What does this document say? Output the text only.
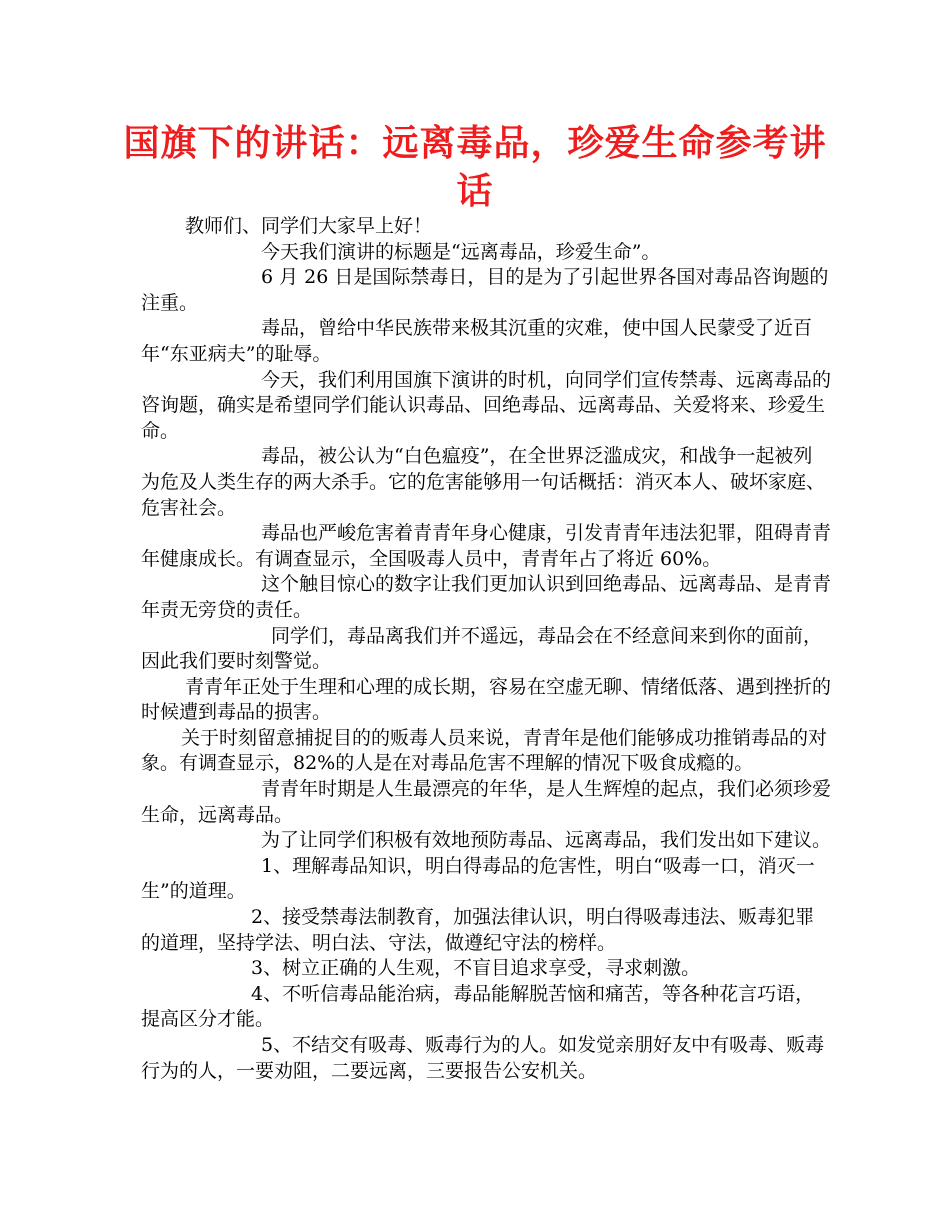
国旗下的讲话：远离毒品，珍爱生命参考讲话

教师们、同学们大家早上好！

今天我们演讲的标题是“远离毒品，珍爱生命”。

6 月 26 日是国际禁毒日，目的是为了引起世界各国对毒品咨询题的注重。

毒品，曾给中华民族带来极其沉重的灾难，使中国人民蒙受了近百年“东亚病夫”的耻辱。

今天，我们利用国旗下演讲的时机，向同学们宣传禁毒、远离毒品的咨询题，确实是希望同学们能认识毒品、回绝毒品、远离毒品、关爱将来、珍爱生命。

毒品，被公认为“白色瘟疫”，在全世界泛滥成灾，和战争一起被列为危及人类生存的两大杀手。它的危害能够用一句话概括：消灭本人、破坏家庭、危害社会。

毒品也严峻危害着青青年身心健康，引发青青年违法犯罪，阻碍青青年健康成长。有调查显示，全国吸毒人员中，青青年占了将近 60%。

这个触目惊心的数字让我们更加认识到回绝毒品、远离毒品、是青青年责无旁贷的责任。

同学们，毒品离我们并不遥远，毒品会在不经意间来到你的面前，因此我们要时刻警觉。

青青年正处于生理和心理的成长期，容易在空虚无聊、情绪低落、遇到挫折的时候遭到毒品的损害。

关于时刻留意捕捉目的的贩毒人员来说，青青年是他们能够成功推销毒品的对象。有调查显示，82%的人是在对毒品危害不理解的情况下吸食成瘾的。

青青年时期是人生最漂亮的年华，是人生辉煌的起点，我们必须珍爱生命，远离毒品。

为了让同学们积极有效地预防毒品、远离毒品，我们发出如下建议。

1、理解毒品知识，明白得毒品的危害性，明白“吸毒一口，消灭一生”的道理。

2、接受禁毒法制教育，加强法律认识，明白得吸毒违法、贩毒犯罪的道理，坚持学法、明白法、守法，做遵纪守法的榜样。

3、树立正确的人生观，不盲目追求享受，寻求刺激。

4、不听信毒品能治病，毒品能解脱苦恼和痛苦，等各种花言巧语，提高区分才能。

5、不结交有吸毒、贩毒行为的人。如发觉亲朋好友中有吸毒、贩毒行为的人，一要劝阻，二要远离，三要报告公安机关。
